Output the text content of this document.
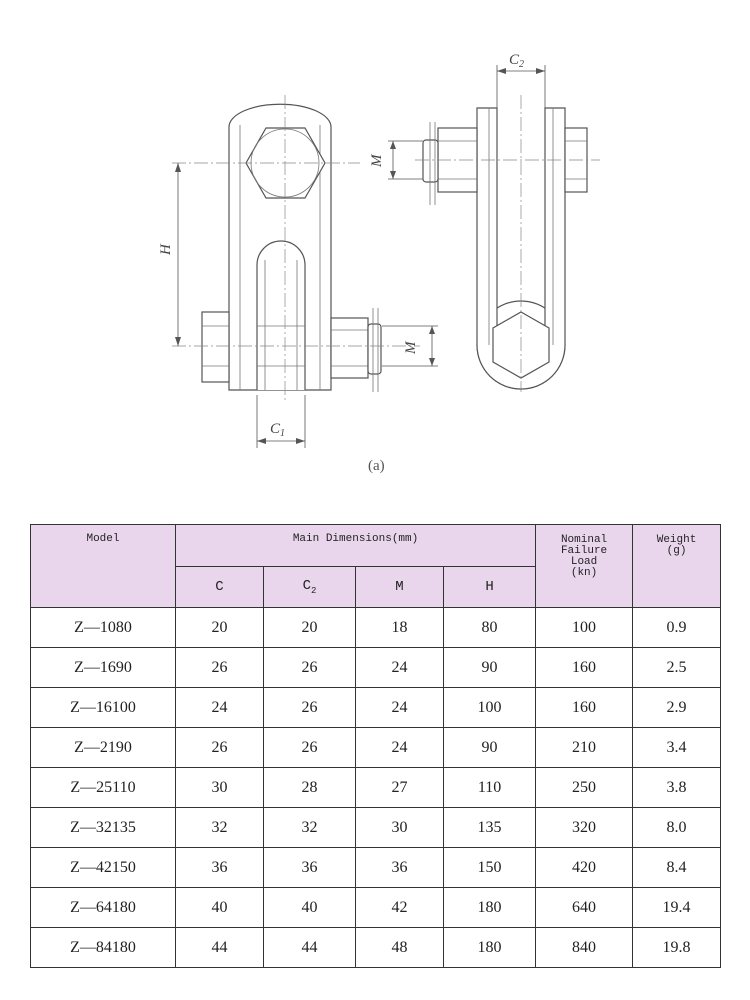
$C_2$
$C_1$
H
M
M
(a)
Model	Main Dimensions(mm)				Nominal
Failure
Load
(kn)	Weight
(g)

	C	$C_2$	M	H		
Z—1080	20	20	18	80	100	0.9
Z—1690	26	26	24	90	160	2.5
Z—16100	24	26	24	100	160	2.9
Z—2190	26	26	24	90	210	3.4
Z—25110	30	28	27	110	250	3.8
Z—32135	32	32	30	135	320	8.0
Z—42150	36	36	36	150	420	8.4
Z—64180	40	40	42	180	640	19.4
Z—84180	44	44	48	180	840	19.8
